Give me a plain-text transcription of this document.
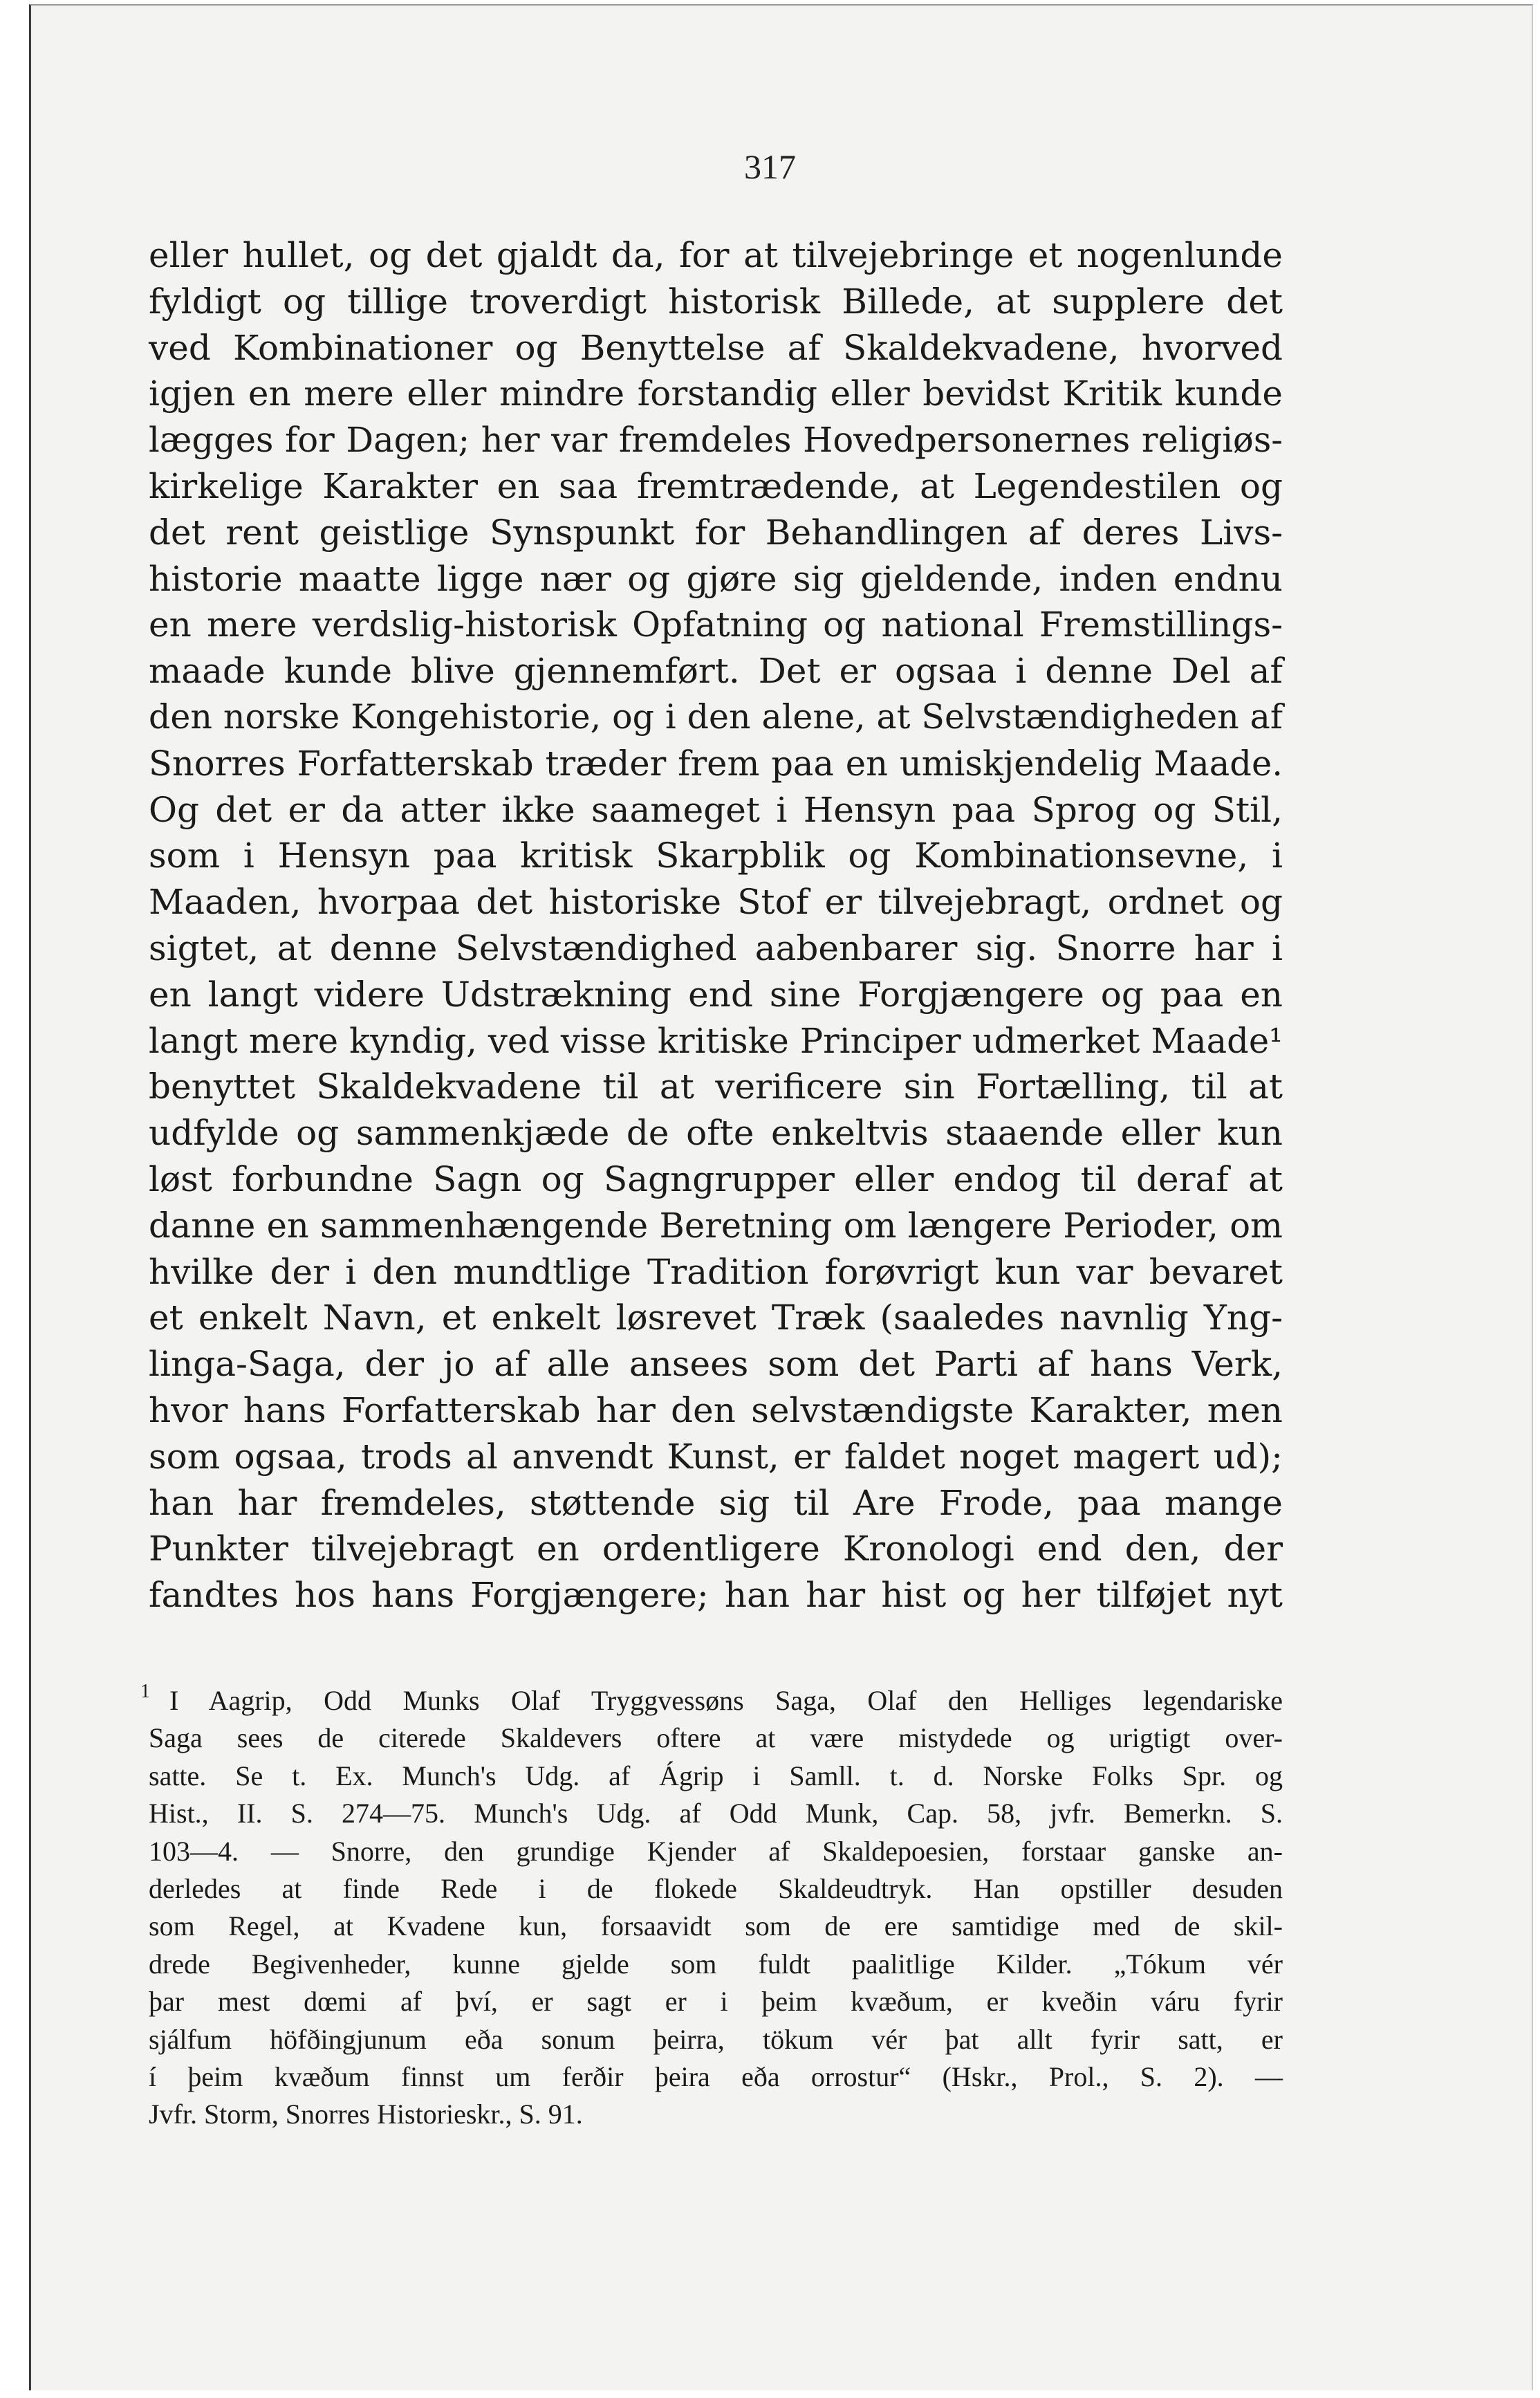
317
eller hullet, og det gjaldt da, for at tilvejebringe et nogenlunde
fyldigt og tillige troverdigt historisk Billede, at supplere det
ved Kombinationer og Benyttelse af Skaldekvadene, hvorved
igjen en mere eller mindre forstandig eller bevidst Kritik kunde
lægges for Dagen; her var fremdeles Hovedpersonernes religiøs-
kirkelige Karakter en saa fremtrædende, at Legendestilen og
det rent geistlige Synspunkt for Behandlingen af deres Livs-
historie maatte ligge nær og gjøre sig gjeldende, inden endnu
en mere verdslig-historisk Opfatning og national Fremstillings-
maade kunde blive gjennemført. Det er ogsaa i denne Del af
den norske Kongehistorie, og i den alene, at Selvstændigheden af
Snorres Forfatterskab træder frem paa en umiskjendelig Maade.
Og det er da atter ikke saameget i Hensyn paa Sprog og Stil,
som i Hensyn paa kritisk Skarpblik og Kombinationsevne, i
Maaden, hvorpaa det historiske Stof er tilvejebragt, ordnet og
sigtet, at denne Selvstændighed aabenbarer sig. Snorre har i
en langt videre Udstrækning end sine Forgjængere og paa en
langt mere kyndig, ved visse kritiske Principer udmerket Maade¹
benyttet Skaldekvadene til at verificere sin Fortælling, til at
udfylde og sammenkjæde de ofte enkeltvis staaende eller kun
løst forbundne Sagn og Sagngrupper eller endog til deraf at
danne en sammenhængende Beretning om længere Perioder, om
hvilke der i den mundtlige Tradition forøvrigt kun var bevaret
et enkelt Navn, et enkelt løsrevet Træk (saaledes navnlig Yng-
linga-Saga, der jo af alle ansees som det Parti af hans Verk,
hvor hans Forfatterskab har den selvstændigste Karakter, men
som ogsaa, trods al anvendt Kunst, er faldet noget magert ud);
han har fremdeles, støttende sig til Are Frode, paa mange
Punkter tilvejebragt en ordentligere Kronologi end den, der
fandtes hos hans Forgjængere; han har hist og her tilføjet nyt
1 I Aagrip, Odd Munks Olaf Tryggvessøns Saga, Olaf den Helliges legendariske
Saga sees de citerede Skaldevers oftere at være mistydede og urigtigt over-
satte. Se t. Ex. Munch's Udg. af Ágrip i Samll. t. d. Norske Folks Spr. og
Hist., II. S. 274—75. Munch's Udg. af Odd Munk, Cap. 58, jvfr. Bemerkn. S.
103—4. — Snorre, den grundige Kjender af Skaldepoesien, forstaar ganske an-
derledes at finde Rede i de flokede Skaldeudtryk. Han opstiller desuden
som Regel, at Kvadene kun, forsaavidt som de ere samtidige med de skil-
drede Begivenheder, kunne gjelde som fuldt paalitlige Kilder. „Tókum vér
þar mest dœmi af því, er sagt er i þeim kvæðum, er kveðin váru fyrir
sjálfum höfðingjunum eða sonum þeirra, tökum vér þat allt fyrir satt, er
í þeim kvæðum finnst um ferðir þeira eða orrostur“ (Hskr., Prol., S. 2). —
Jvfr. Storm, Snorres Historieskr., S. 91.
